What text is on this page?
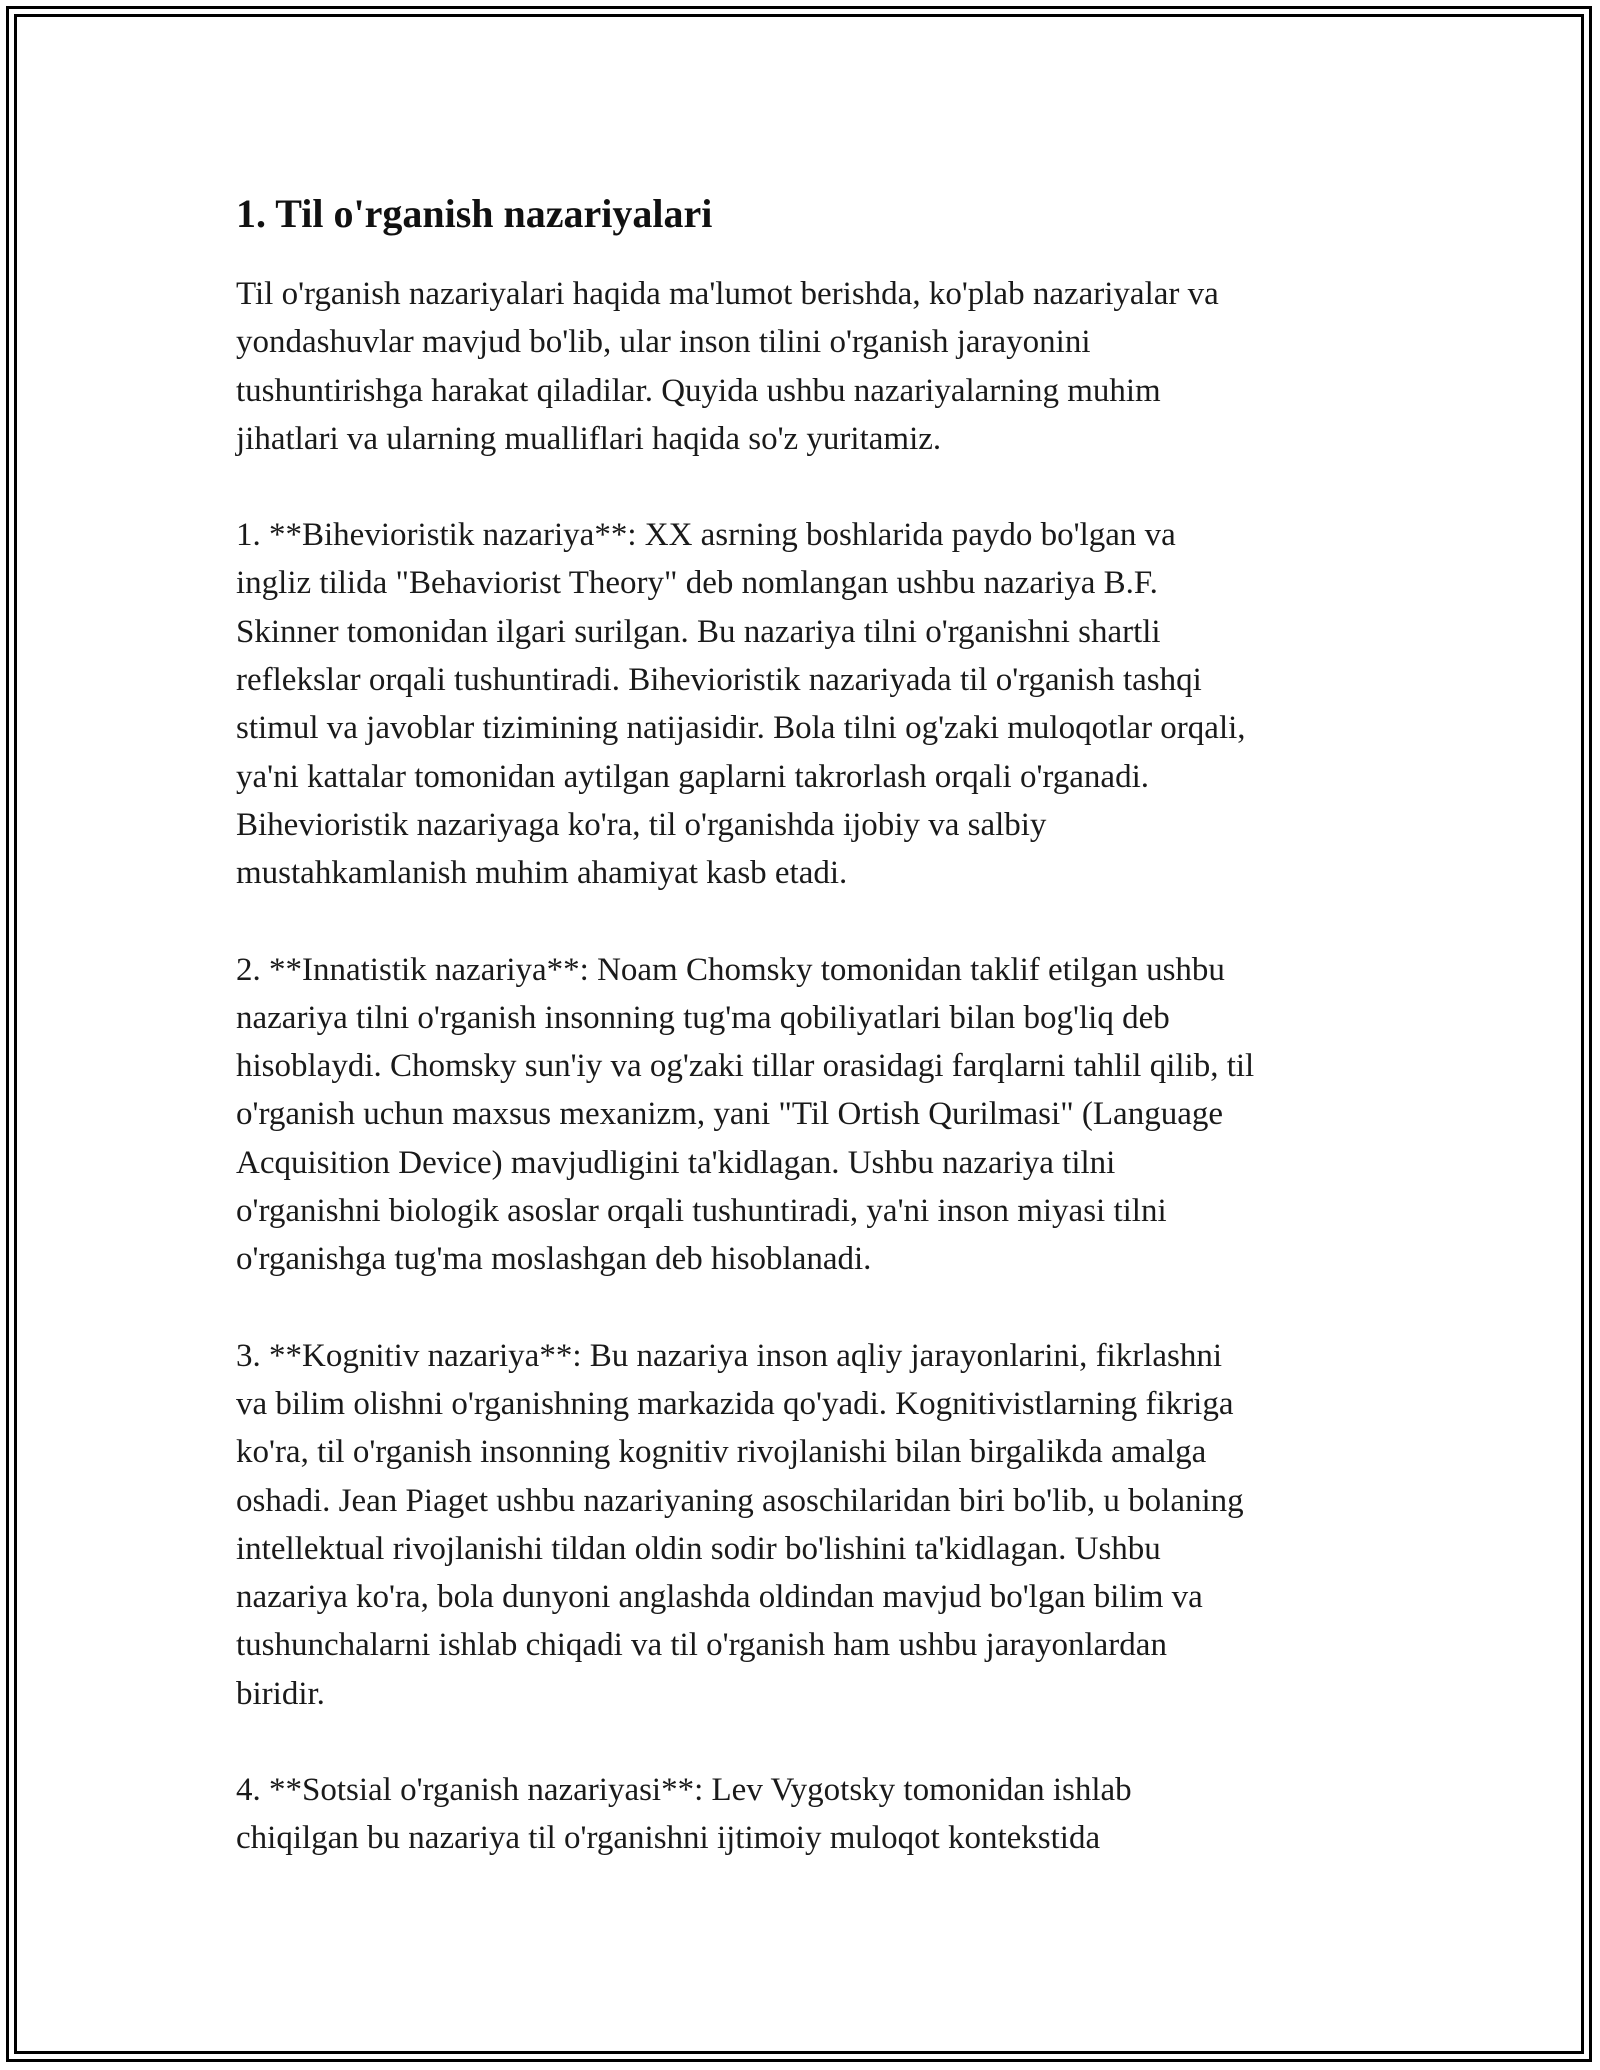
1. Til o'rganish nazariyalari

Til o'rganish nazariyalari haqida ma'lumot berishda, ko'plab nazariyalar va
yondashuvlar mavjud bo'lib, ular inson tilini o'rganish jarayonini
tushuntirishga harakat qiladilar. Quyida ushbu nazariyalarning muhim
jihatlari va ularning mualliflari haqida so'z yuritamiz.

1. **Bihevioristik nazariya**: XX asrning boshlarida paydo bo'lgan va
ingliz tilida "Behaviorist Theory" deb nomlangan ushbu nazariya B.F.
Skinner tomonidan ilgari surilgan. Bu nazariya tilni o'rganishni shartli
reflekslar orqali tushuntiradi. Bihevioristik nazariyada til o'rganish tashqi
stimul va javoblar tizimining natijasidir. Bola tilni og'zaki muloqotlar orqali,
ya'ni kattalar tomonidan aytilgan gaplarni takrorlash orqali o'rganadi.
Bihevioristik nazariyaga ko'ra, til o'rganishda ijobiy va salbiy
mustahkamlanish muhim ahamiyat kasb etadi.

2. **Innatistik nazariya**: Noam Chomsky tomonidan taklif etilgan ushbu
nazariya tilni o'rganish insonning tug'ma qobiliyatlari bilan bog'liq deb
hisoblaydi. Chomsky sun'iy va og'zaki tillar orasidagi farqlarni tahlil qilib, til
o'rganish uchun maxsus mexanizm, yani "Til Ortish Qurilmasi" (Language
Acquisition Device) mavjudligini ta'kidlagan. Ushbu nazariya tilni
o'rganishni biologik asoslar orqali tushuntiradi, ya'ni inson miyasi tilni
o'rganishga tug'ma moslashgan deb hisoblanadi.

3. **Kognitiv nazariya**: Bu nazariya inson aqliy jarayonlarini, fikrlashni
va bilim olishni o'rganishning markazida qo'yadi. Kognitivistlarning fikriga
ko'ra, til o'rganish insonning kognitiv rivojlanishi bilan birgalikda amalga
oshadi. Jean Piaget ushbu nazariyaning asoschilaridan biri bo'lib, u bolaning
intellektual rivojlanishi tildan oldin sodir bo'lishini ta'kidlagan. Ushbu
nazariya ko'ra, bola dunyoni anglashda oldindan mavjud bo'lgan bilim va
tushunchalarni ishlab chiqadi va til o'rganish ham ushbu jarayonlardan
biridir.

4. **Sotsial o'rganish nazariyasi**: Lev Vygotsky tomonidan ishlab
chiqilgan bu nazariya til o'rganishni ijtimoiy muloqot kontekstida
